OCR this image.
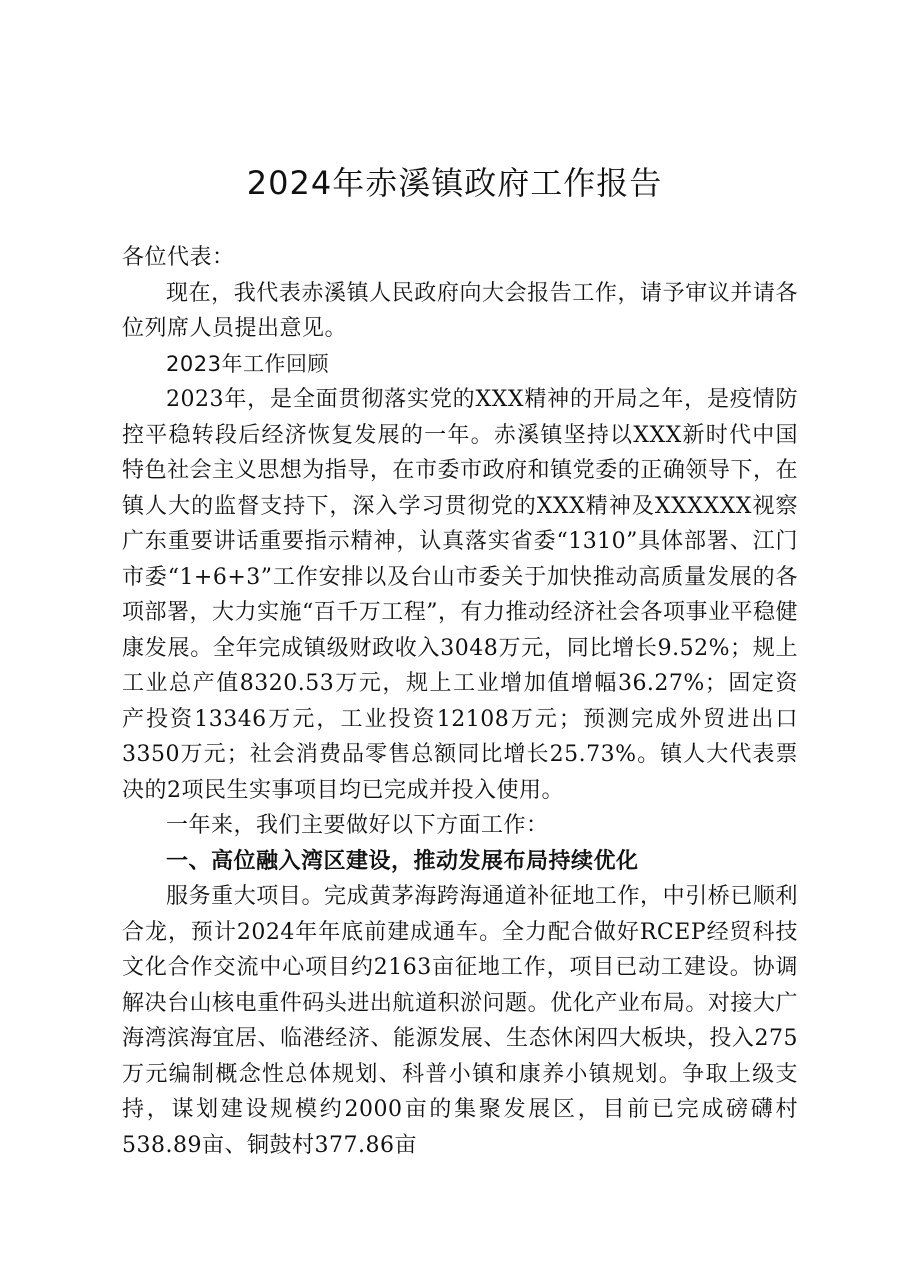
2024年赤溪镇政府工作报告

各位代表：

现在，我代表赤溪镇人民政府向大会报告工作，请予审议并请各位列席人员提出意见。

2023年工作回顾

2023年，是全面贯彻落实党的XXX精神的开局之年，是疫情防控平稳转段后经济恢复发展的一年。赤溪镇坚持以XXX新时代中国特色社会主义思想为指导，在市委市政府和镇党委的正确领导下，在镇人大的监督支持下，深入学习贯彻党的XXX精神及XXXXXX视察广东重要讲话重要指示精神，认真落实省委“1310”具体部署、江门市委“1+6+3”工作安排以及台山市委关于加快推动高质量发展的各项部署，大力实施“百千万工程”，有力推动经济社会各项事业平稳健康发展。全年完成镇级财政收入3048万元，同比增长9.52%；规上工业总产值8320.53万元，规上工业增加值增幅36.27%；固定资产投资13346万元，工业投资12108万元；预测完成外贸进出口3350万元；社会消费品零售总额同比增长25.73%。镇人大代表票决的2项民生实事项目均已完成并投入使用。

一年来，我们主要做好以下方面工作：

一、高位融入湾区建设，推动发展布局持续优化

服务重大项目。完成黄茅海跨海通道补征地工作，中引桥已顺利合龙，预计2024年年底前建成通车。全力配合做好RCEP经贸科技文化合作交流中心项目约2163亩征地工作，项目已动工建设。协调解决台山核电重件码头进出航道积淤问题。优化产业布局。对接大广海湾滨海宜居、临港经济、能源发展、生态休闲四大板块，投入275万元编制概念性总体规划、科普小镇和康养小镇规划。争取上级支持，谋划建设规模约2000亩的集聚发展区，目前已完成磅礴村538.89亩、铜鼓村377.86亩
